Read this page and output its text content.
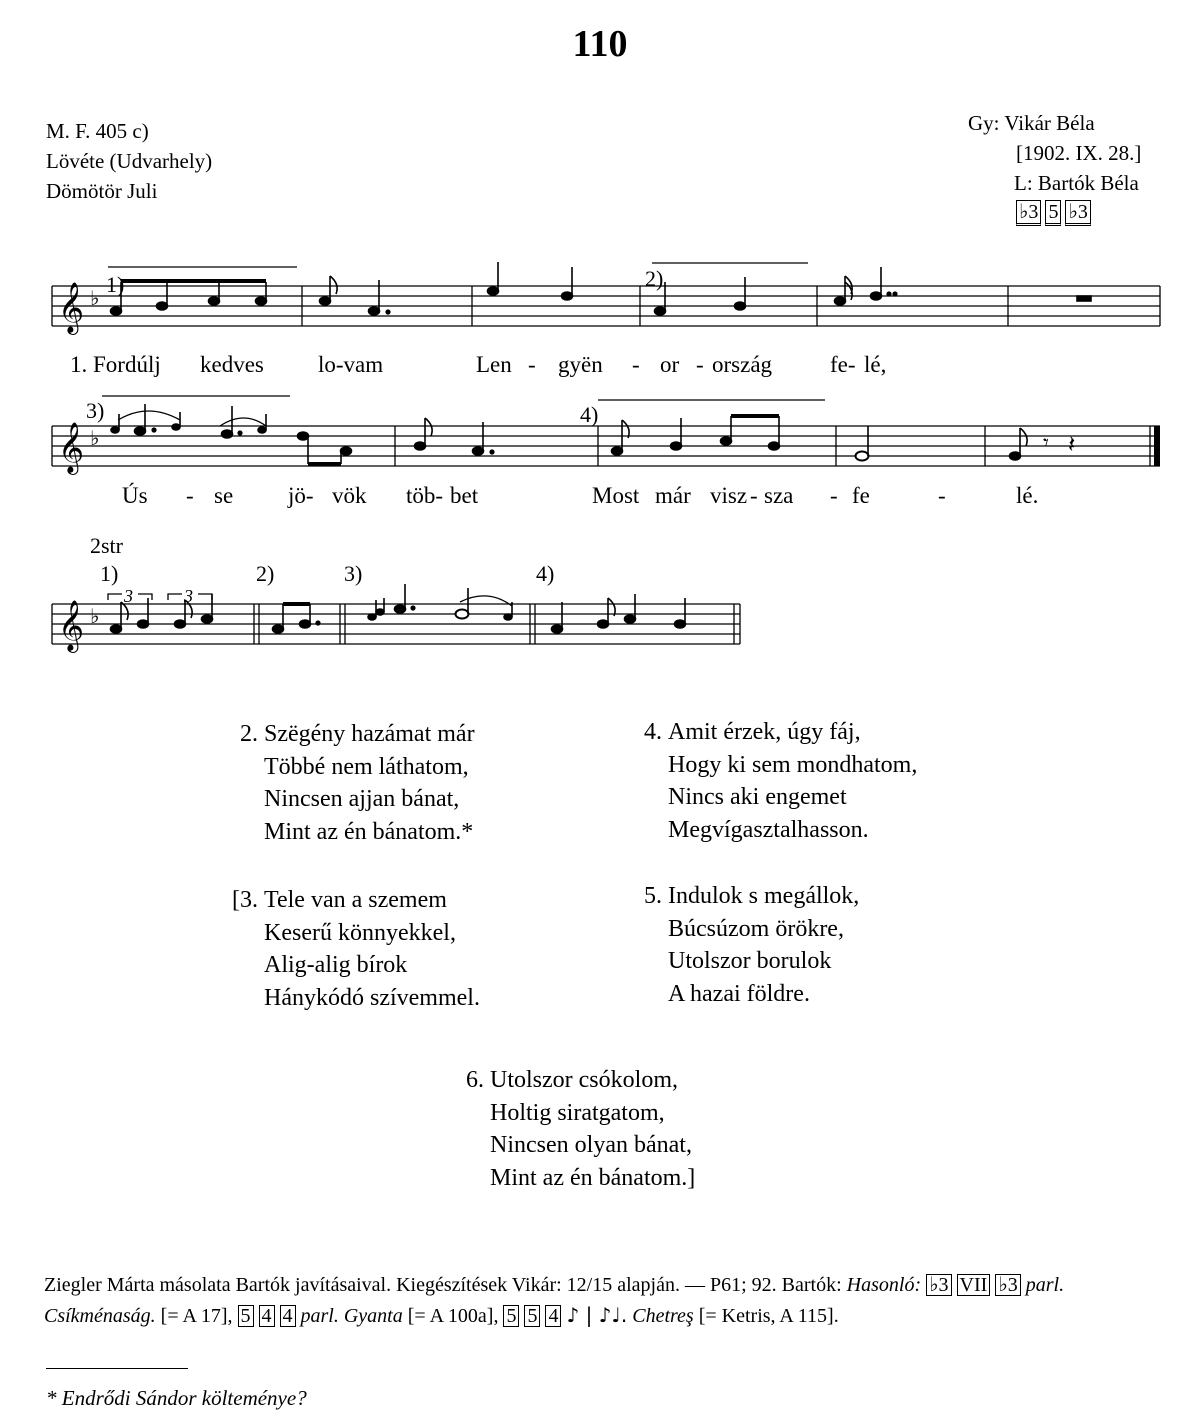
110
M. F. 405 c)
Lövéte (Udvarhely)
Dömötör Juli
Gy: Vikár Béla
[1902. IX. 28.]
L: Bartók Béla
♭3 5 ♭3
𝄞 ♭
1)	2)
1. Fordúlj kedves lo-vam	Len - gyën - or - ország	fe- lé,
𝄞 ♭	𝄾 𝄽
3)	4)
Ús - se jö- vök töb- bet	Most már visz - sza - fe	-	lé.
2str
1)	2)	3)	4)
𝄞 ♭
3	3
2. Szëgény hazámat már
Többé nem láthatom,
Nincsen ajjan bánat,
Mint az én bánatom.*
4. Amit érzek, úgy fáj,
Hogy ki sem mondhatom,
Nincs aki engemet
Megvígasztalhasson.
[3. Tele van a szemem
Keserű könnyekkel,
Alig-alig bírok
Hánykódó szívemmel.
5. Indulok s megállok,
Búcsúzom örökre,
Utolszor borulok
A hazai földre.
6. Utolszor csókolom,
Holtig siratgatom,
Nincsen olyan bánat,
Mint az én bánatom.]
Ziegler Márta másolata Bartók javításaival. Kiegészítések Vikár: 12/15 alapján. — P61; 92. Bartók: Hasonló: ♭3 VII ♭3 parl. Csíkménaság. [= A 17], 5 4 4 parl. Gyanta [= A 100a], 5 5 4 ♪ | ♪♩. Chetreş [= Ketris, A 115].
* Endrődi Sándor költeménye?
